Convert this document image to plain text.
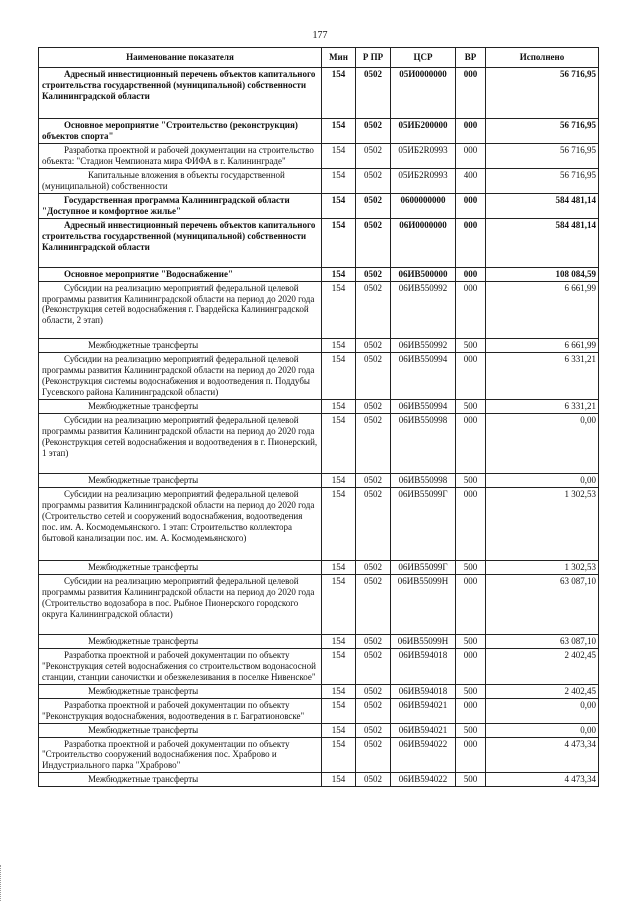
177
Наименование показателя	Мин	Р ПР	ЦСР	ВР	Исполнено
Адресный инвестиционный перечень объектов капитального строительства государственной (муниципальной) собственности Калининградской области	154	0502	05И0000000	000	56 716,95
Основное мероприятие "Строительство (реконструкция) объектов спорта"	154	0502	05ИБ200000	000	56 716,95
Разработка проектной и рабочей документации на строительство объекта: "Стадион Чемпионата мира ФИФА в г. Калининграде"	154	0502	05ИБ2R0993	000	56 716,95
Капитальные вложения в объекты государственной (муниципальной) собственности	154	0502	05ИБ2R0993	400	56 716,95
Государственная программа Калининградской области "Доступное и комфортное жилье"	154	0502	0600000000	000	584 481,14
Адресный инвестиционный перечень объектов капитального строительства государственной (муниципальной) собственности Калининградской области	154	0502	06И0000000	000	584 481,14
Основное мероприятие "Водоснабжение"	154	0502	06ИВ500000	000	108 084,59
Субсидии на реализацию мероприятий федеральной целевой программы развития Калининградской области на период до 2020 года (Реконструкция сетей водоснабжения г. Гвардейска Калининградской области, 2 этап)	154	0502	06ИВ550992	000	6 661,99
Межбюджетные трансферты	154	0502	06ИВ550992	500	6 661,99
Субсидии на реализацию мероприятий федеральной целевой программы развития Калининградской области на период до 2020 года (Реконструкция системы водоснабжения и водоотведения п. Поддубы Гусевского района Калининградской области)	154	0502	06ИВ550994	000	6 331,21
Межбюджетные трансферты	154	0502	06ИВ550994	500	6 331,21
Субсидии на реализацию мероприятий федеральной целевой программы развития Калининградской области на период до 2020 года (Реконструкция сетей водоснабжения и водоотведения в г. Пионерский, 1 этап)	154	0502	06ИВ550998	000	0,00
Межбюджетные трансферты	154	0502	06ИВ550998	500	0,00
Субсидии на реализацию мероприятий федеральной целевой программы развития Калининградской области на период до 2020 года (Строительство сетей и сооружений водоснабжения, водоотведения пос. им. А. Космодемьянского. 1 этап: Строительство коллектора бытовой канализации пос. им. А. Космодемьянского)	154	0502	06ИВ55099Г	000	1 302,53
Межбюджетные трансферты	154	0502	06ИВ55099Г	500	1 302,53
Субсидии на реализацию мероприятий федеральной целевой программы развития Калининградской области на период до 2020 года (Строительство водозабора в пос. Рыбное Пионерского городского округа Калининградской области)	154	0502	06ИВ55099Н	000	63 087,10
Межбюджетные трансферты	154	0502	06ИВ55099Н	500	63 087,10
Разработка проектной и рабочей документации по объекту "Реконструкция сетей водоснабжения со строительством водонасосной станции, станции саночистки и обезжелезивания в поселке Нивенское"	154	0502	06ИВ594018	000	2 402,45
Межбюджетные трансферты	154	0502	06ИВ594018	500	2 402,45
Разработка проектной и рабочей документации по объекту "Реконструкция водоснабжения, водоотведения в г. Багратионовске"	154	0502	06ИВ594021	000	0,00
Межбюджетные трансферты	154	0502	06ИВ594021	500	0,00
Разработка проектной и рабочей документации по объекту "Строительство сооружений водоснабжения пос. Храброво и Индустриального парка "Храброво"	154	0502	06ИВ594022	000	4 473,34
Межбюджетные трансферты	154	0502	06ИВ594022	500	4 473,34
